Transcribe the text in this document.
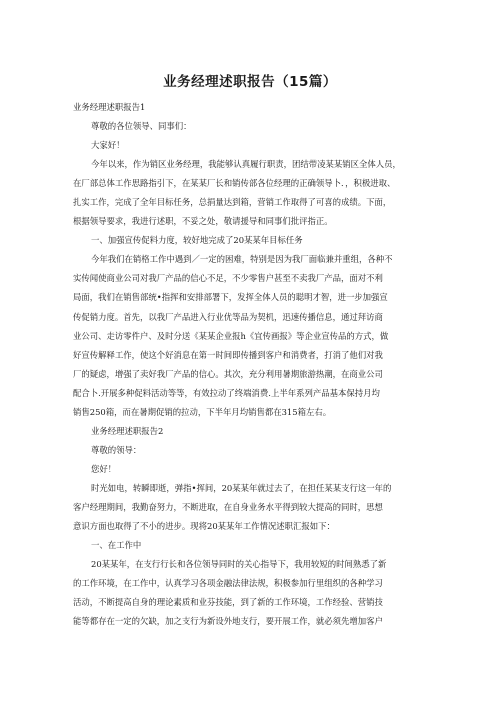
业务经理述职报告（15篇）

业务经理述职报告1

尊敬的各位领导、同事们：

大家好！

今年以来，作为销区业务经理，我能够认真履行职责，团结带凌某某销区全体人员，

在厂部总体工作思路指引下，在某某厂长和销传部各位经理的正确领导卜．，积极进取、

扎实工作，完成了全年目标任务，总捐量达到箱，营销工作取得了可喜的成绩。下面，

根据领导要求，我进行述职，不妥之处，敬请援导和同事们批评指正。

一、加强宣传促料力度，较好地完成了20某某年目标任务

今年我们在销格工作中遇到／一定的困难，特别是因为我厂面临兼并重组，各种不

实传闻使商业公司对我厂产品的信心不足，不少零售户甚至不卖我厂产品，面对不利

局面，我们在销售部统•指挥和安排部署下，发挥全体人员的聪明才智，进一步加强宣

传促销力度。首先，以我厂产品进入行业优等品为契机，迅速传播信息，通过拜访商

业公司、走访零件户、及时分送《某某企业报h《宜传画报》等企业宣传品的方式，做

好宣传解释工作，使这个好消息在第一时间即传播到客户和消费者，打消了他们对我

厂的疑虑，增强了卖好我厂产品的信心。其次，充分利用暑期旅游热潮，在商业公司

配合卜.开展多种促料活动等等，有效拉动了终端消费.上半年系列产品基本保持月均

销售250箱，而在暑期促销的拉动，下半年月均销售都在315箱左右。

业务经理述职报告2

尊敬的领导：

您好！

时光如电，转瞬即逝，弹指•挥间，20某某年就过去了，在担任某某支行这一年的

客户经理期间，我勤奋努力，不断进取，在自身业务水平得到较大提高的同时，思想

意识方面也取得了不小的进步。现将20某某年工作情况述职汇报如下：

一、在工作中

20某某年，在支行行长和各位领导同时的关心指导下，我用较短的时间熟悉了新

的工作环境，在工作中，认真学习各项金融法律法规，积极参加行里组织的各种学习

活动，不断提高自身的理论素质和业芬技能，到了新的工作环境，工作经验、营销技

能等都存在一定的欠缺，加之支行为新设外地支行，要开展工作，就必须先增加客户
